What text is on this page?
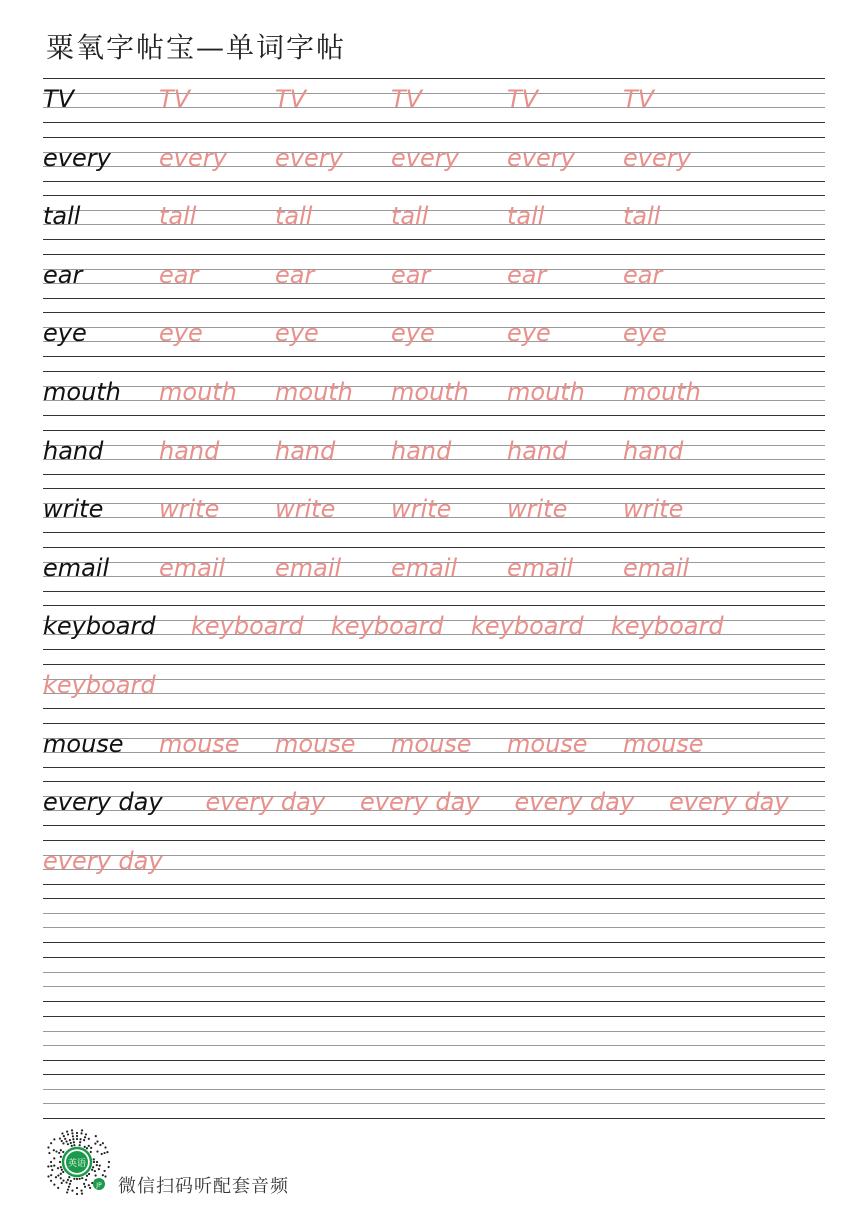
粟氧字帖宝—单词字帖
TV	TV	TV	TV	TV	TV
every every every every every every
tall	tall	tall	tall	tall	tall
ear	ear	ear	ear	ear	ear
eye	eye	eye	eye	eye	eye
mouth mouth mouth mouth mouth mouth
hand hand hand hand hand hand
write write write write write write
email email email email email email
keyboard keyboard keyboard keyboard keyboard
keyboard
mouse mouse mouse mouse mouse mouse
every day every day every day every day every day
every day
英语
JP 微信扫码听配套音频
